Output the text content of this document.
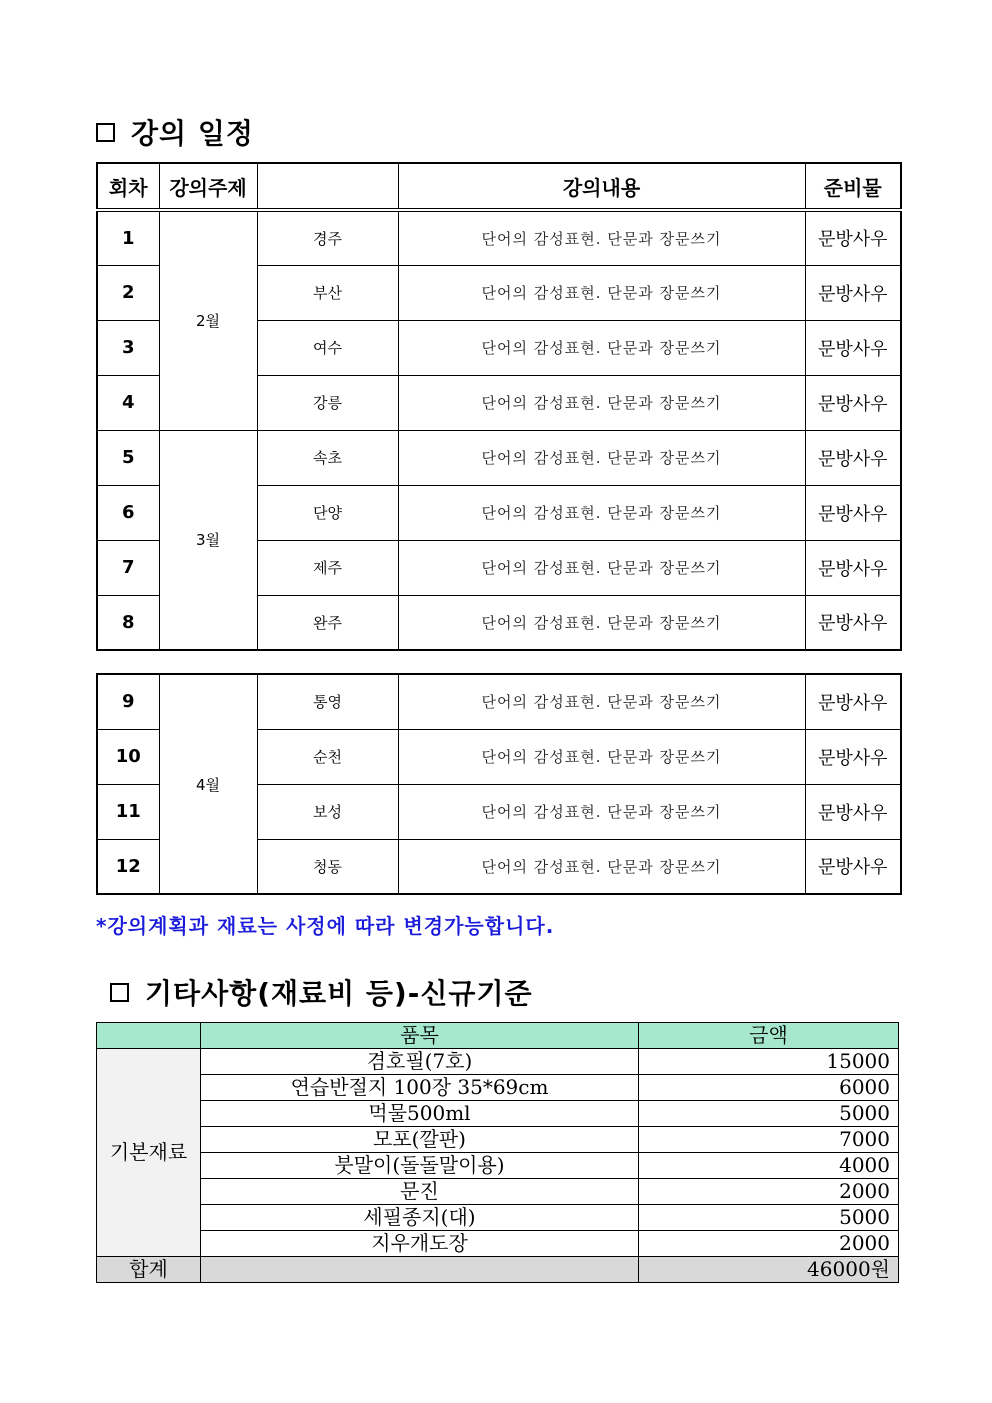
강의 일정
회차	강의주제		강의내용	준비물
1	2월	경주	단어의 감성표현. 단문과 장문쓰기	문방사우
2		부산	단어의 감성표현. 단문과 장문쓰기	문방사우
3		여수	단어의 감성표현. 단문과 장문쓰기	문방사우
4		강릉	단어의 감성표현. 단문과 장문쓰기	문방사우
5	3월	속초	단어의 감성표현. 단문과 장문쓰기	문방사우
6		단양	단어의 감성표현. 단문과 장문쓰기	문방사우
7		제주	단어의 감성표현. 단문과 장문쓰기	문방사우
8		완주	단어의 감성표현. 단문과 장문쓰기	문방사우
9	4월	통영	단어의 감성표현. 단문과 장문쓰기	문방사우
10		순천	단어의 감성표현. 단문과 장문쓰기	문방사우
11		보성	단어의 감성표현. 단문과 장문쓰기	문방사우
12		청동	단어의 감성표현. 단문과 장문쓰기	문방사우
*강의계획과 재료는 사정에 따라 변경가능합니다.
기타사항(재료비 등)-신규기준
	품목	금액
기본재료	겸호필(7호)	15000
	연습반절지 100장 35*69cm	6000
	먹물500ml	5000
	모포(깔판)	7000
	붓말이(돌돌말이용)	4000
	문진	2000
	세필종지(대)	5000
	지우개도장	2000
합계		46000원
